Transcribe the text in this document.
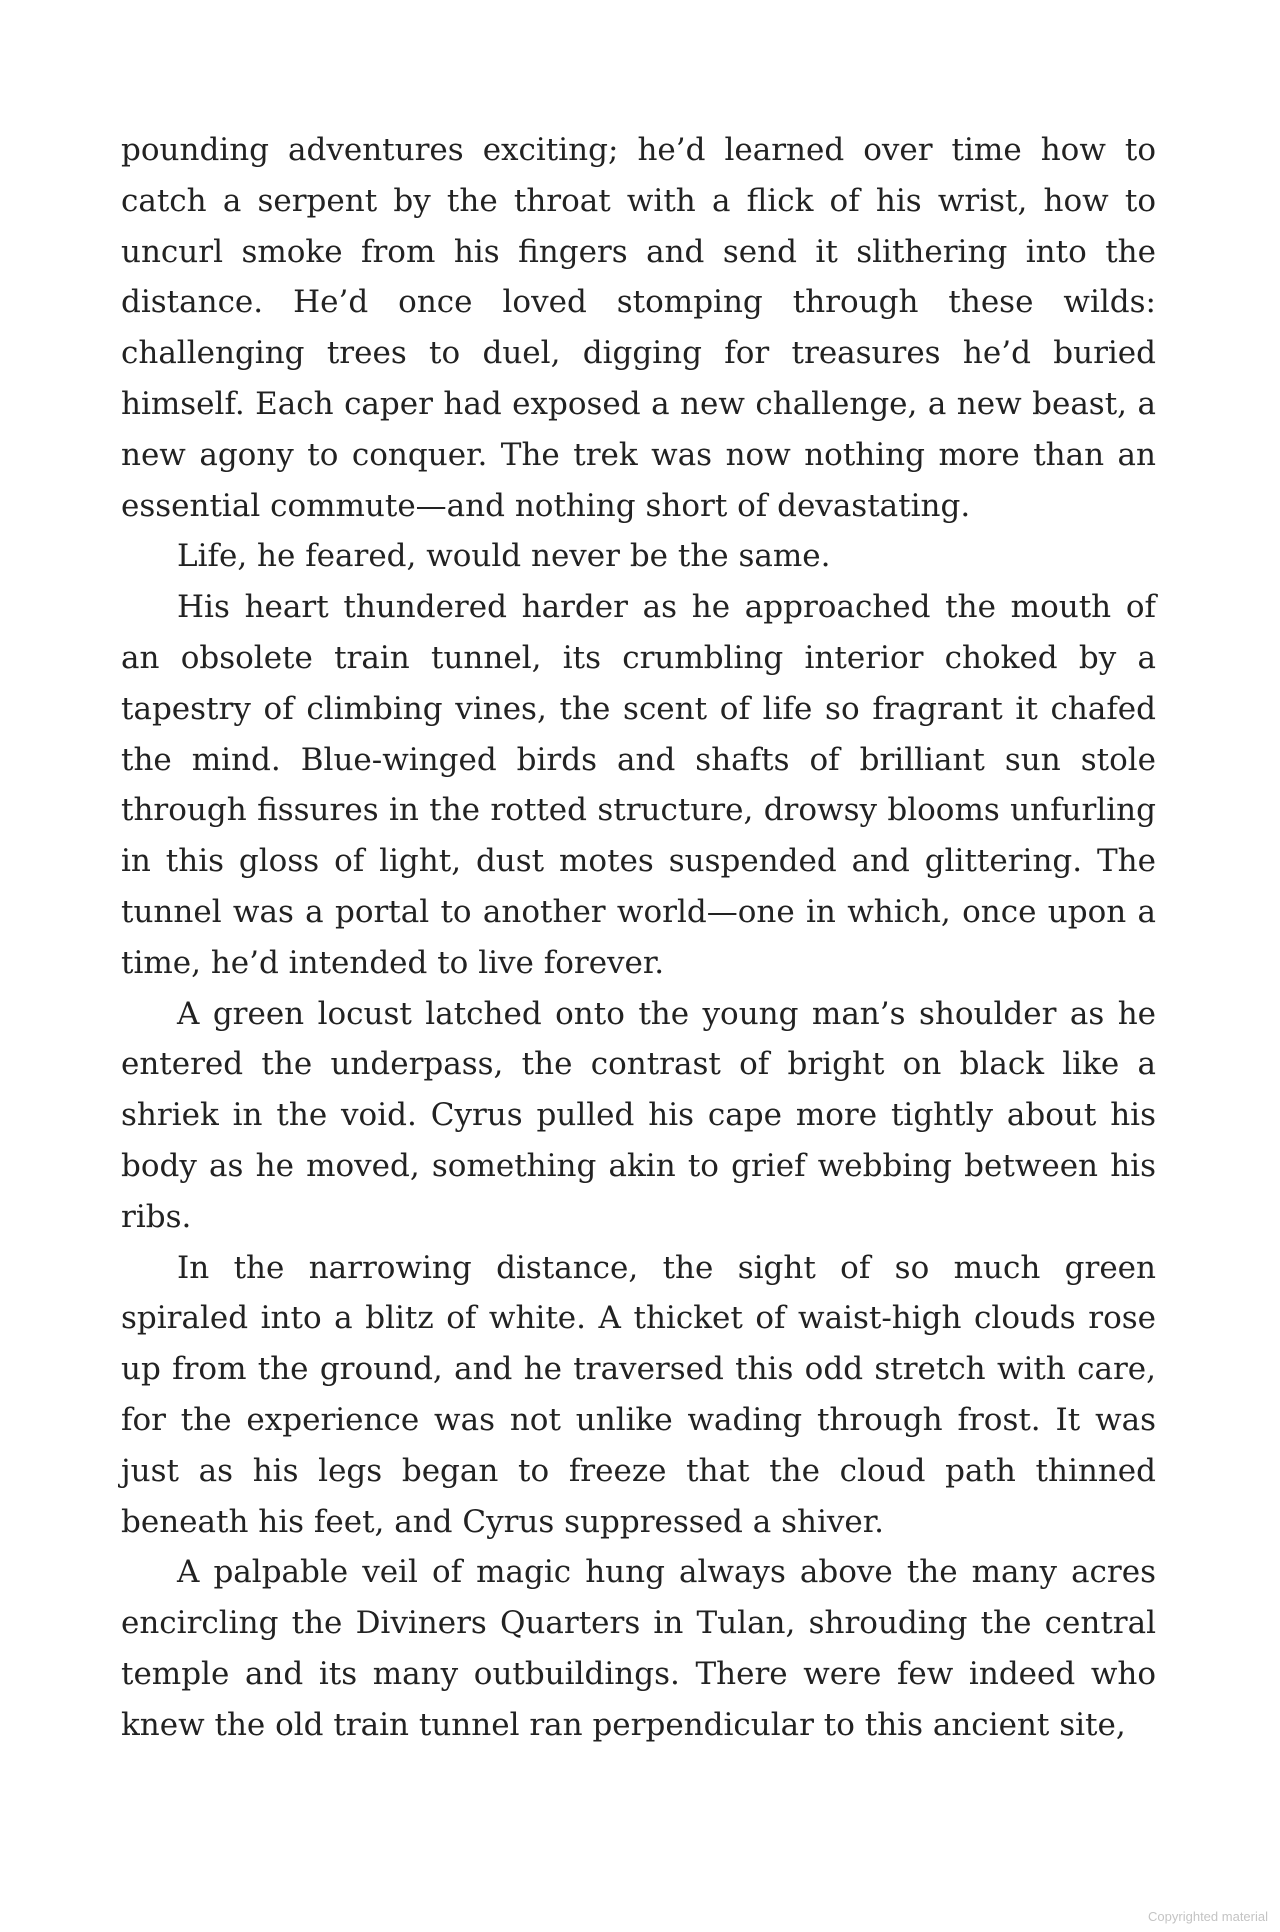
pounding adventures exciting; he’d learned over time how to catch a serpent by the throat with a flick of his wrist, how to uncurl smoke from his fingers and send it slithering into the distance. He’d once loved stomping through these wilds: challenging trees to duel, digging for treasures he’d buried himself. Each caper had exposed a new challenge, a new beast, a new agony to conquer. The trek was now nothing more than an essential commute—and nothing short of devastating.

Life, he feared, would never be the same.

His heart thundered harder as he approached the mouth of an obsolete train tunnel, its crumbling interior choked by a tapestry of climbing vines, the scent of life so fragrant it chafed the mind. Blue-winged birds and shafts of brilliant sun stole through fissures in the rotted structure, drowsy blooms unfurling in this gloss of light, dust motes suspended and glittering. The tunnel was a portal to another world—one in which, once upon a time, he’d intended to live forever.

A green locust latched onto the young man’s shoulder as he entered the underpass, the contrast of bright on black like a shriek in the void. Cyrus pulled his cape more tightly about his body as he moved, something akin to grief webbing between his ribs.

In the narrowing distance, the sight of so much green spiraled into a blitz of white. A thicket of waist-high clouds rose up from the ground, and he traversed this odd stretch with care, for the experience was not unlike wading through frost. It was just as his legs began to freeze that the cloud path thinned beneath his feet, and Cyrus suppressed a shiver.

A palpable veil of magic hung always above the many acres encircling the Diviners Quarters in Tulan, shrouding the central temple and its many outbuildings. There were few indeed who knew the old train tunnel ran perpendicular to this ancient site,

Copyrighted material
